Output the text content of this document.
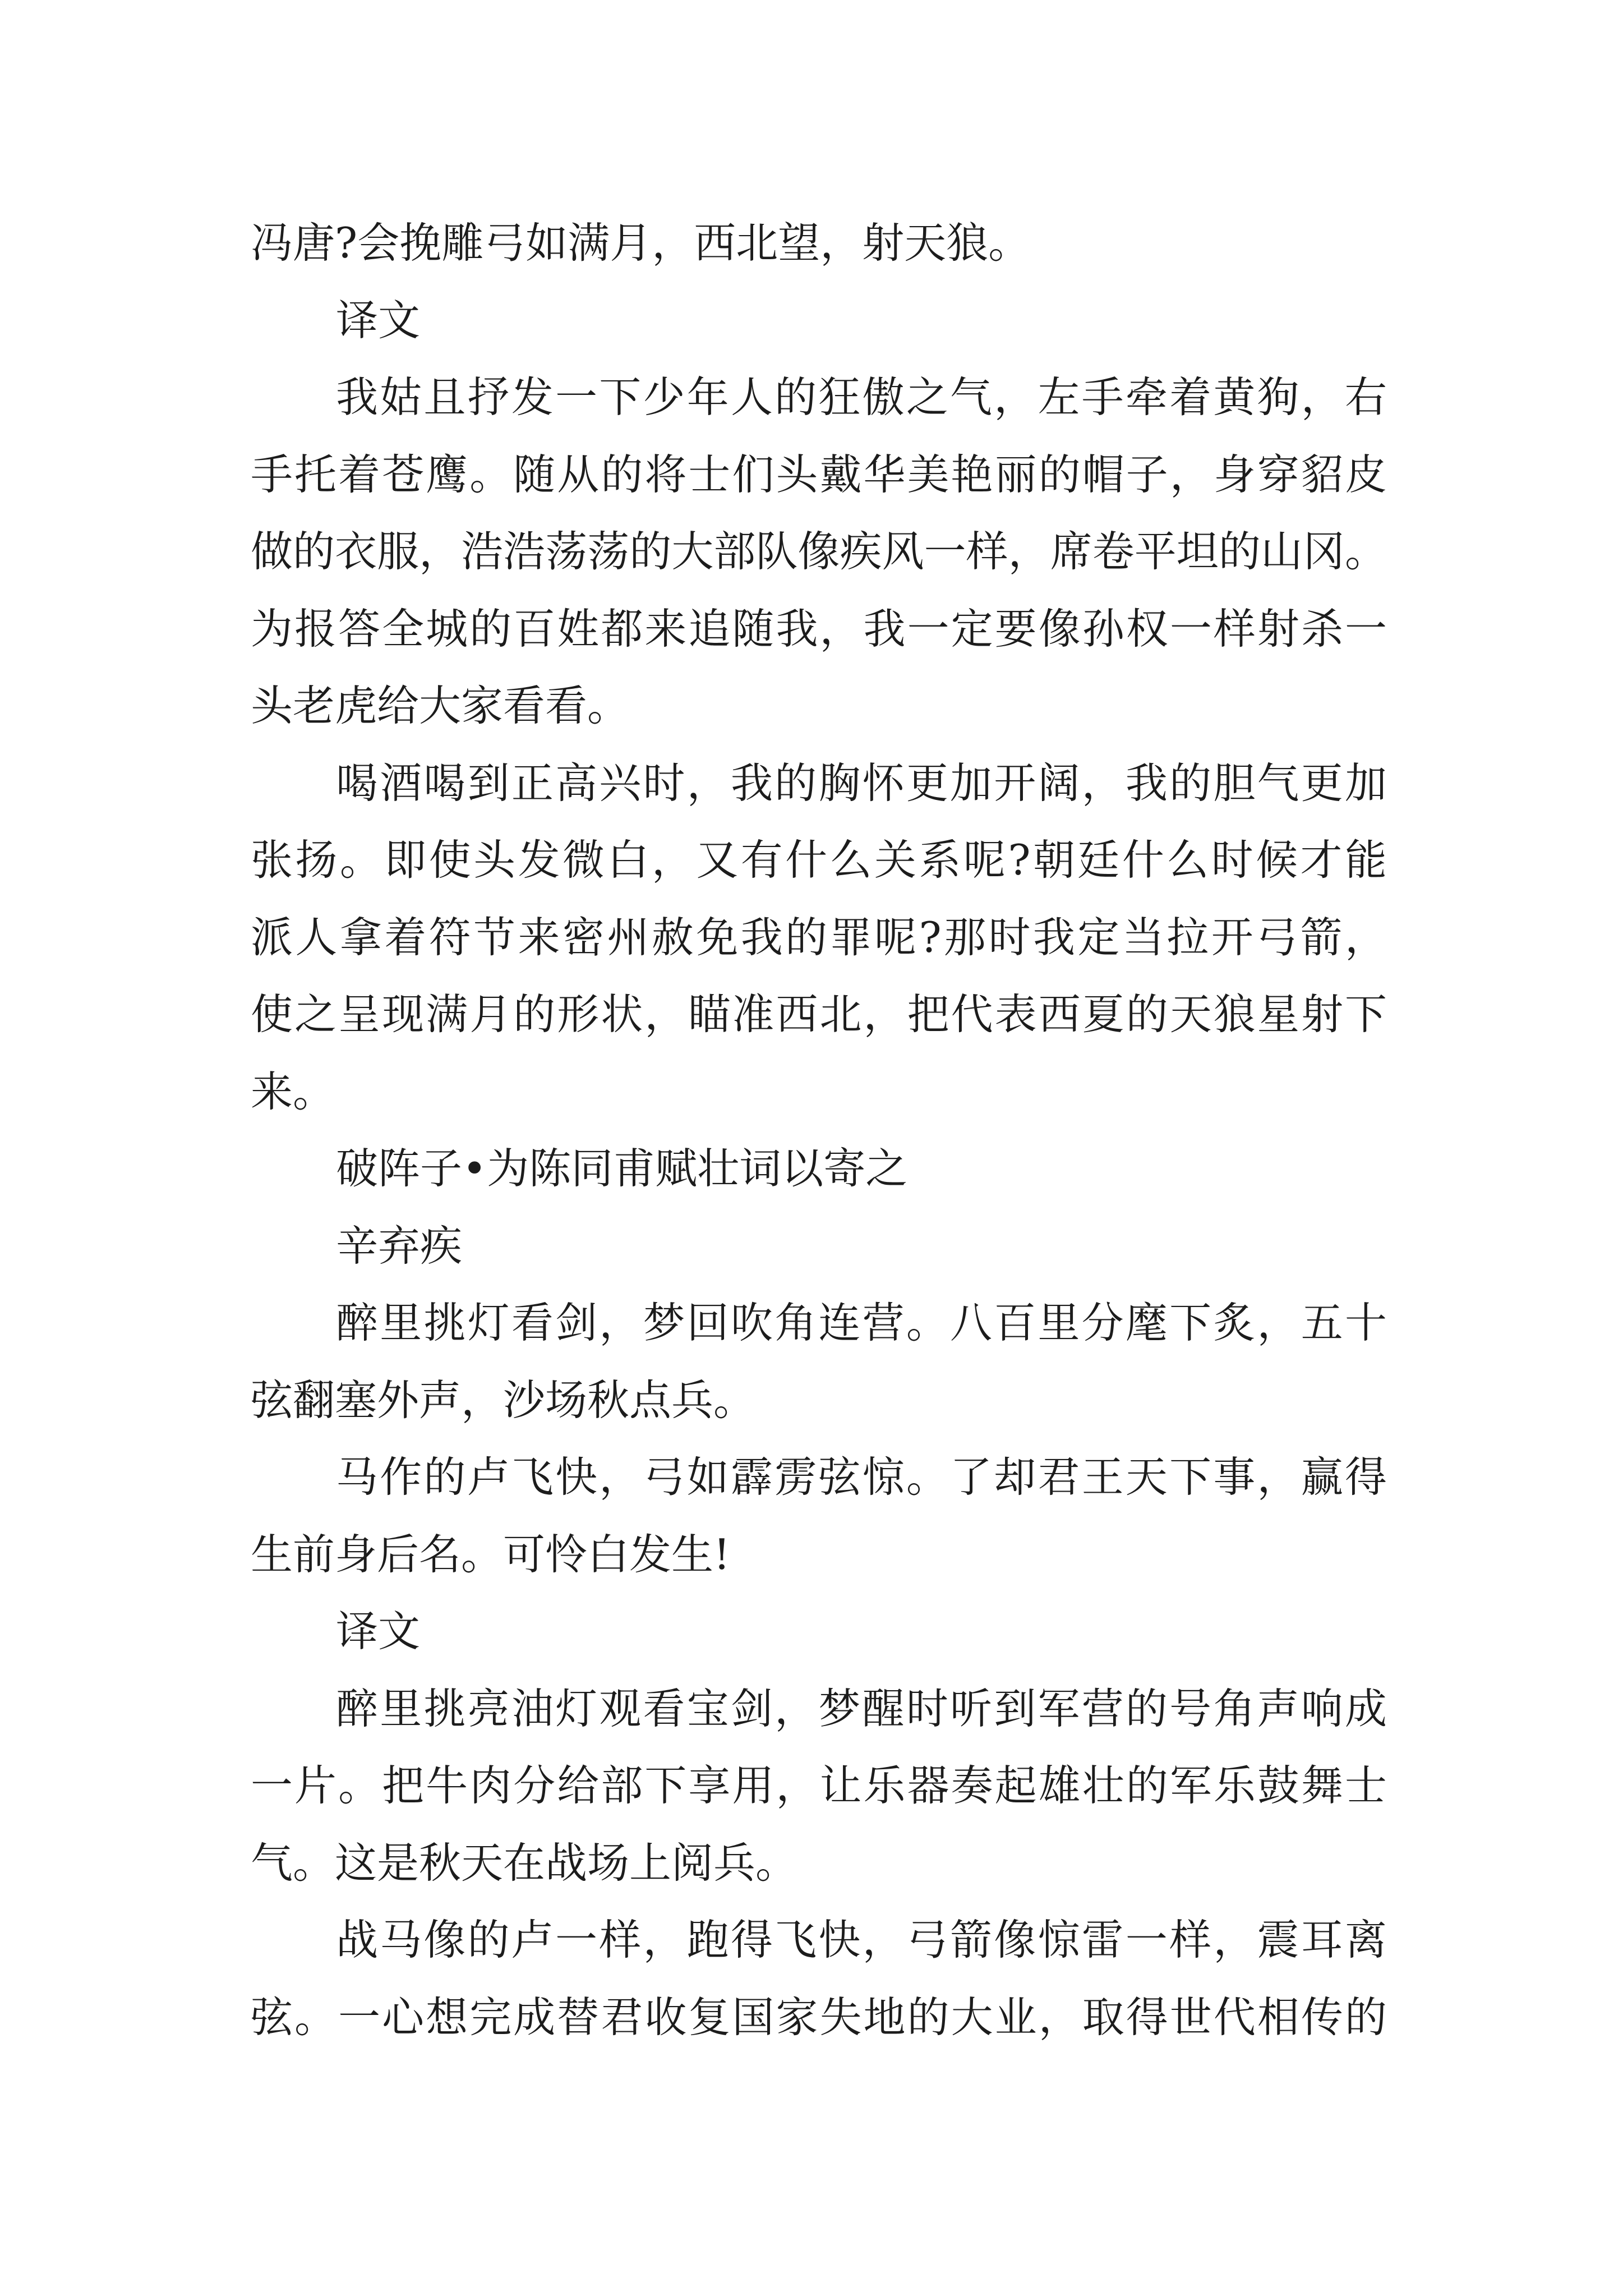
冯唐?会挽雕弓如满月，西北望，射天狼。
译文
我姑且抒发一下少年人的狂傲之气，左手牵着黄狗，右
手托着苍鹰。随从的将士们头戴华美艳丽的帽子，身穿貂皮
做的衣服，浩浩荡荡的大部队像疾风一样，席卷平坦的山冈。
为报答全城的百姓都来追随我，我一定要像孙权一样射杀一
头老虎给大家看看。
喝酒喝到正高兴时，我的胸怀更加开阔，我的胆气更加
张扬。即使头发微白，又有什么关系呢?朝廷什么时候才能
派人拿着符节来密州赦免我的罪呢?那时我定当拉开弓箭，
使之呈现满月的形状，瞄准西北，把代表西夏的天狼星射下
来。
破阵子•为陈同甫赋壮词以寄之
辛弃疾
醉里挑灯看剑，梦回吹角连营。八百里分麾下炙，五十
弦翻塞外声，沙场秋点兵。
马作的卢飞快，弓如霹雳弦惊。了却君王天下事，赢得
生前身后名。可怜白发生!
译文
醉里挑亮油灯观看宝剑，梦醒时听到军营的号角声响成
一片。把牛肉分给部下享用，让乐器奏起雄壮的军乐鼓舞士
气。这是秋天在战场上阅兵。
战马像的卢一样，跑得飞快，弓箭像惊雷一样，震耳离
弦。一心想完成替君收复国家失地的大业，取得世代相传的
